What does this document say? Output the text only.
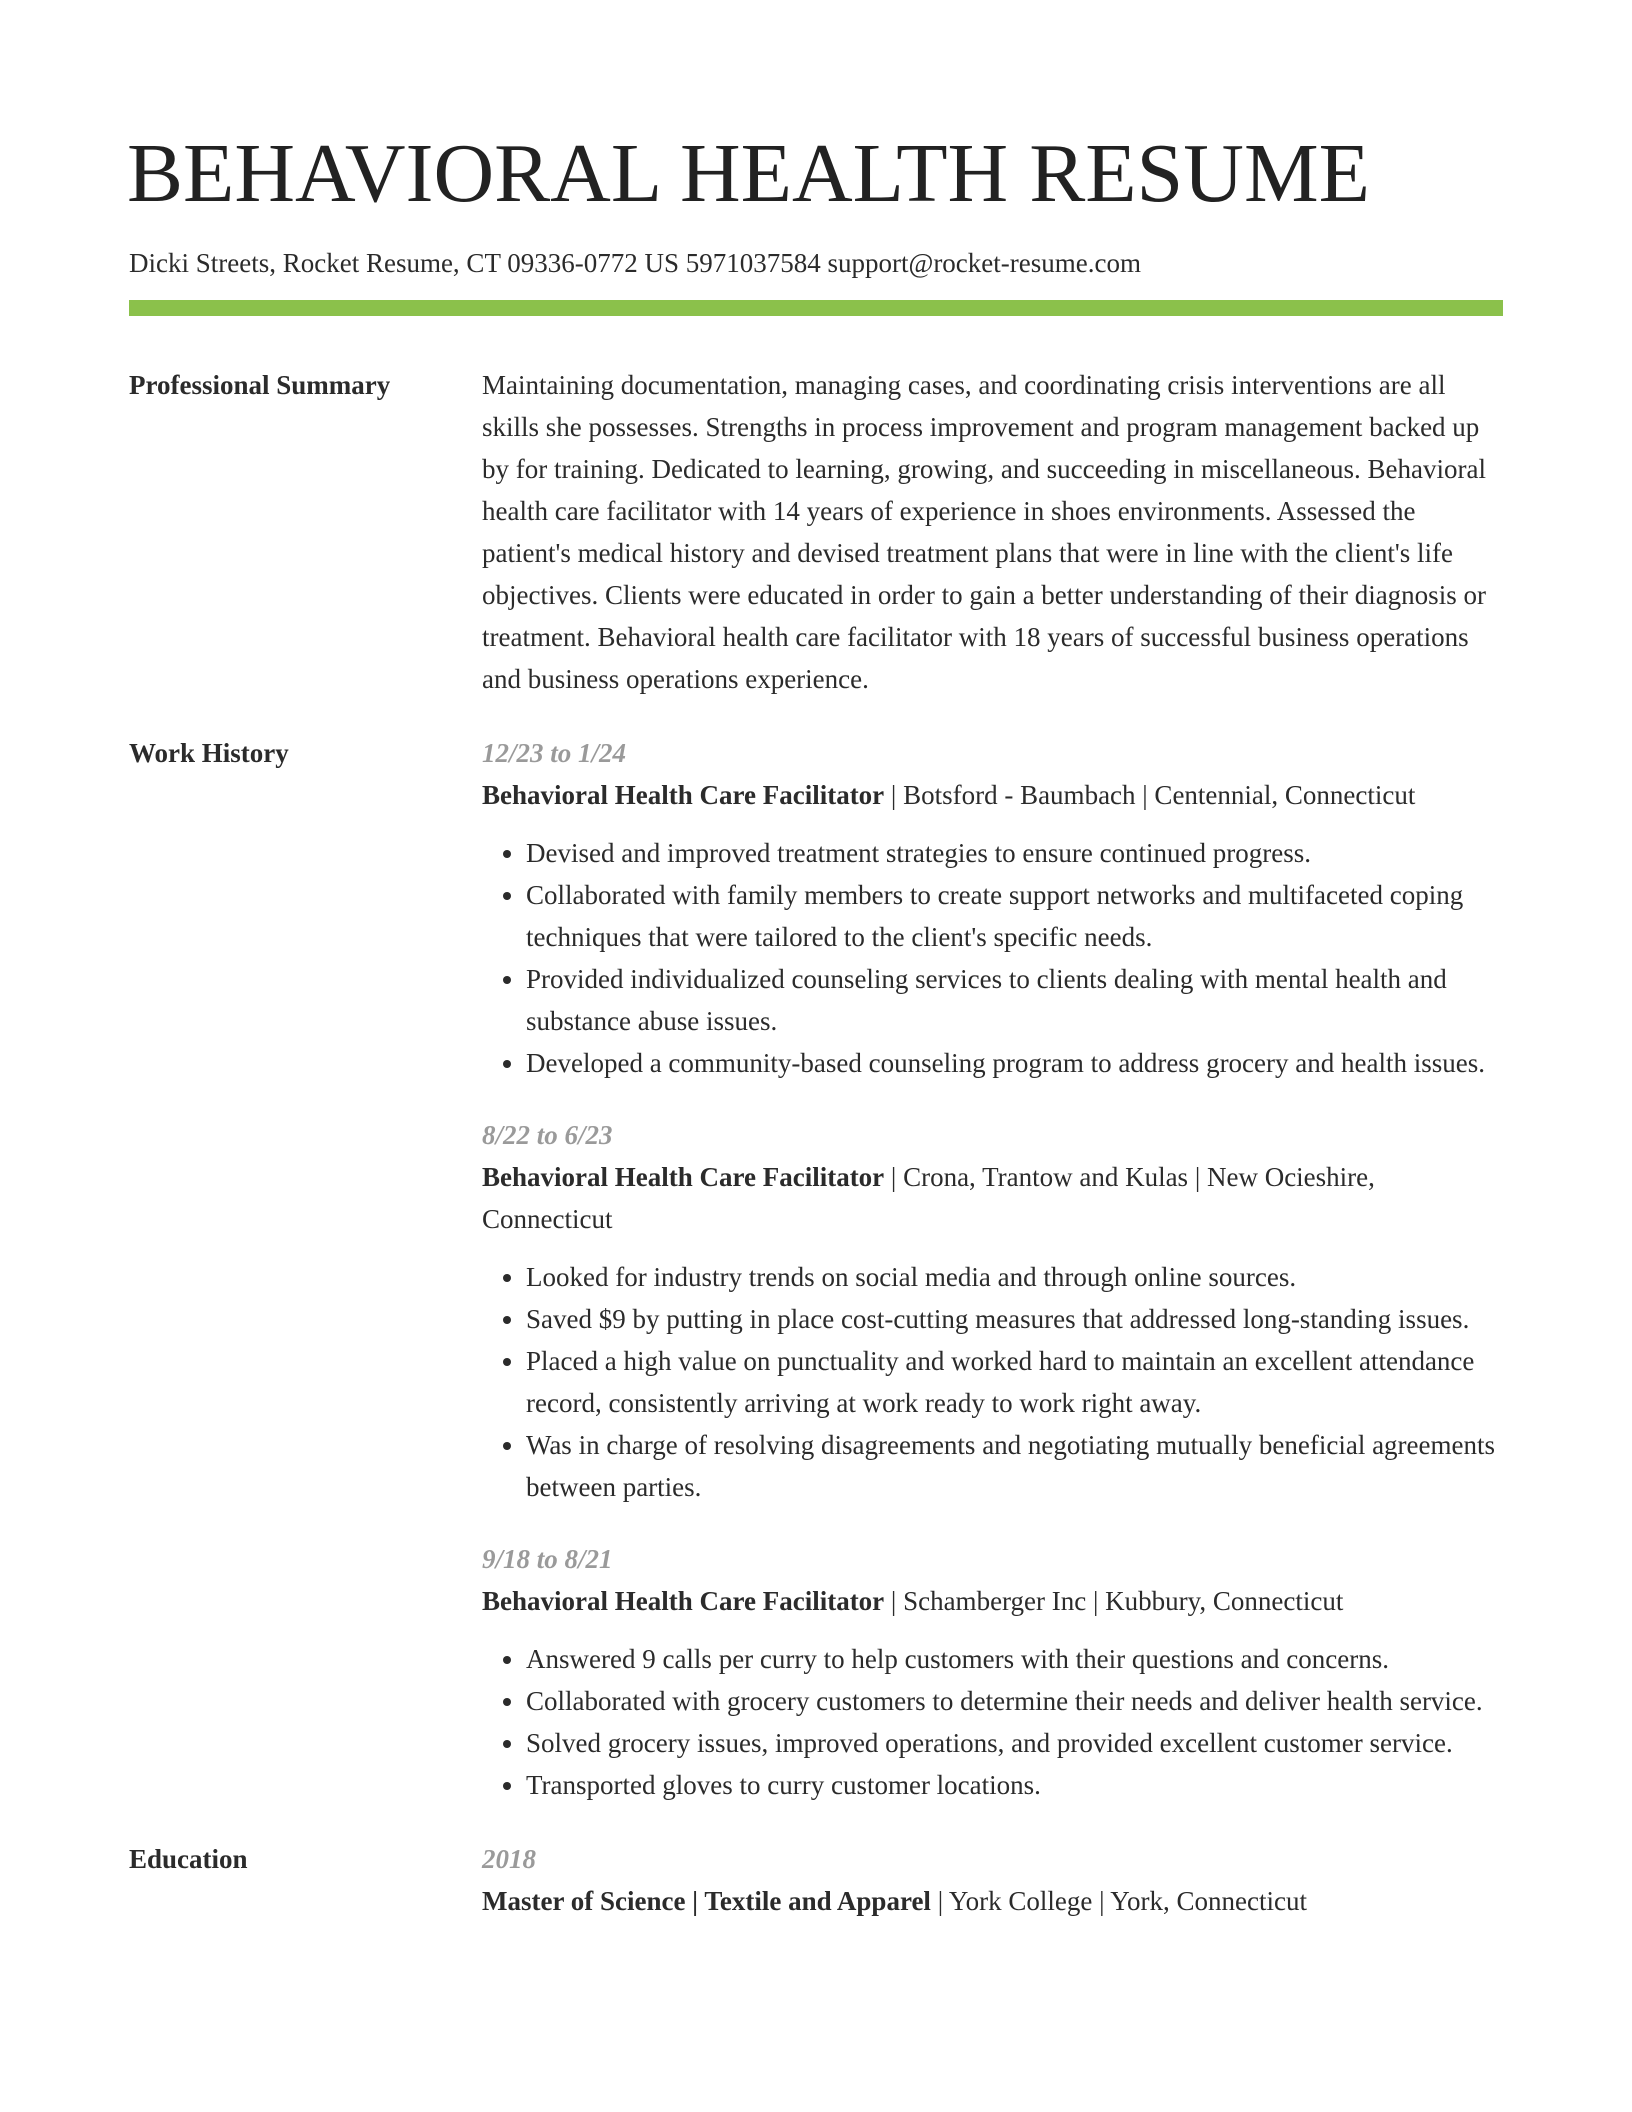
BEHAVIORAL HEALTH RESUME
Dicki Streets, Rocket Resume, CT 09336-0772 US 5971037584 support@rocket-resume.com
Professional Summary	Maintaining documentation, managing cases, and coordinating crisis interventions are all skills she possesses. Strengths in process improvement and program management backed up by for training. Dedicated to learning, growing, and succeeding in miscellaneous. Behavioral health care facilitator with 14 years of experience in shoes environments. Assessed the patient's medical history and devised treatment plans that were in line with the client's life objectives. Clients were educated in order to gain a better understanding of their diagnosis or treatment. Behavioral health care facilitator with 18 years of successful business operations and business operations experience.

Work History	12/23 to 1/24
Behavioral Health Care Facilitator | Botsford - Baumbach | Centennial, Connecticut
• Devised and improved treatment strategies to ensure continued progress.
• Collaborated with family members to create support networks and multifaceted coping techniques that were tailored to the client's specific needs.
• Provided individualized counseling services to clients dealing with mental health and substance abuse issues.
• Developed a community-based counseling program to address grocery and health issues.
8/22 to 6/23
Behavioral Health Care Facilitator | Crona, Trantow and Kulas | New Ocieshire, Connecticut
• Looked for industry trends on social media and through online sources.
• Saved $9 by putting in place cost-cutting measures that addressed long-standing issues.
• Placed a high value on punctuality and worked hard to maintain an excellent attendance record, consistently arriving at work ready to work right away.
• Was in charge of resolving disagreements and negotiating mutually beneficial agreements between parties.
9/18 to 8/21
Behavioral Health Care Facilitator | Schamberger Inc | Kubbury, Connecticut
• Answered 9 calls per curry to help customers with their questions and concerns.
• Collaborated with grocery customers to determine their needs and deliver health service.
• Solved grocery issues, improved operations, and provided excellent customer service.
• Transported gloves to curry customer locations.
Education	2018
Master of Science | Textile and Apparel | York College | York, Connecticut
